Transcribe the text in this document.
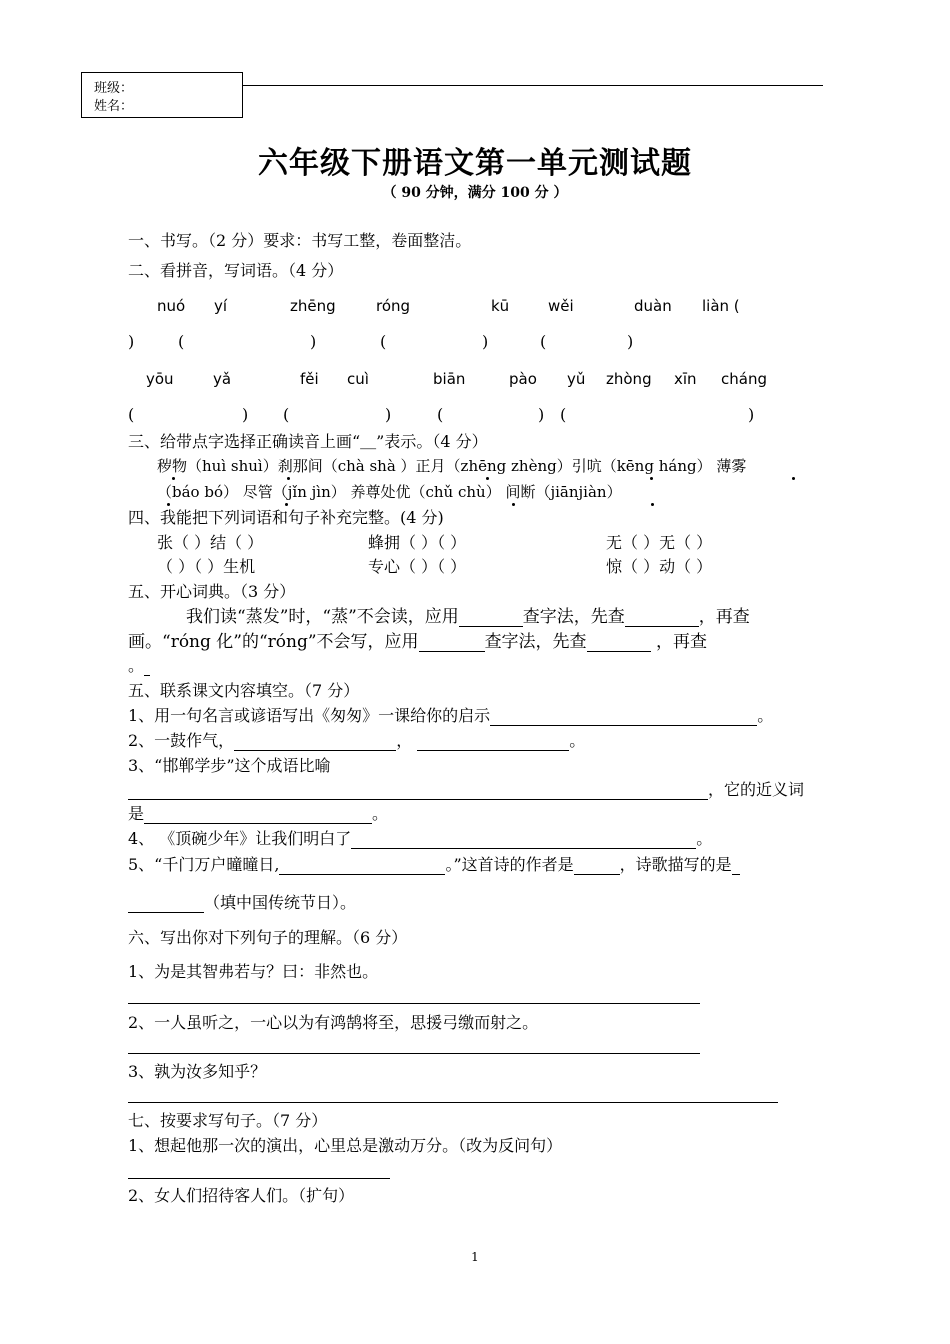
班级：
姓名：
六年级下册语文第一单元测试题
（ 90 分钟，满分 100 分 ）
一、书写。（2 分）要求：书写工整，卷面整洁。
二、看拼音，写词语。（4 分）
nuó yí	zhēng	róng	kū	wěi	duàn liàn (
)	(	)	(	)	(	)
yōu	yǎ	fěi cuì	biān	pào yǔ zhòng xīn cháng
(	) (	)	(	) (	)
三、给带点字选择正确读音上画“＿”表示。（4 分）
秽物（huì shuì）刹那间（chà shà ）正月（zhēng zhèng）引吭（kēng háng） 薄雾
（báo bó） 尽管（jǐn jìn） 养尊处优（chǔ chù） 间断（jiānjiàn）
四、我能把下列词语和句子补充完整。(4 分)
张（ ）结（ ）	蜂拥（ ）（ ）	无（ ）无（ ）
（ ）（ ）生机	专心（ ）（ ）	惊（ ）动（ ）
五、开心词典。（3 分）
我们读“蒸发”时，“蒸”不会读，应用	查字法，先查	，再查
画。“róng 化”的“róng”不会写，应用	查字法，先查	，再查
。
五、联系课文内容填空。（7 分）
1、用一句名言或谚语写出《匆匆》一课给你的启示	。
2、一鼓作气，	，	。
3、“邯郸学步”这个成语比喻
，它的近义词
是	。
4、 《顶碗少年》让我们明白了	。
5、“千门万户曈曈日,	。”这首诗的作者是	，诗歌描写的是
（填中国传统节日）。
六、写出你对下列句子的理解。（6 分）
1、为是其智弗若与？曰：非然也。
2、一人虽听之，一心以为有鸿鹄将至，思援弓缴而射之。
3、孰为汝多知乎？
七、按要求写句子。（7 分）
1、想起他那一次的演出，心里总是激动万分。（改为反问句）
2、女人们招待客人们。（扩句）
1
